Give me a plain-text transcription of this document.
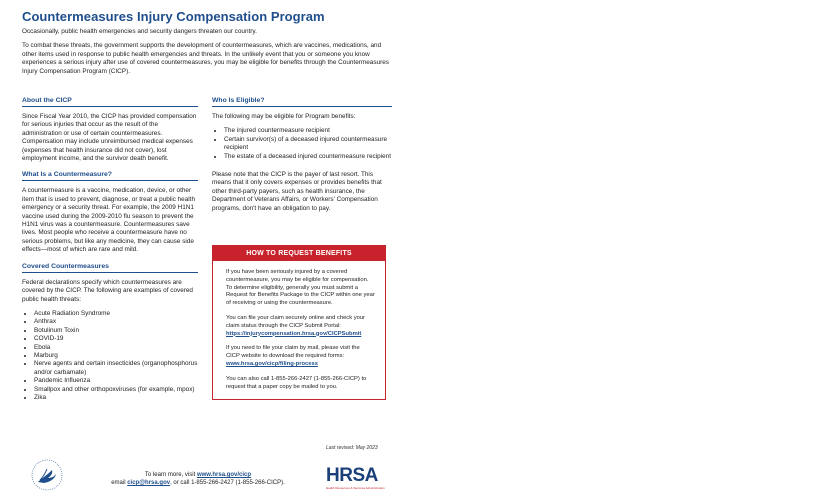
Countermeasures Injury Compensation Program

Occasionally, public health emergencies and security dangers threaten our country.

To combat these threats, the government supports the development of countermeasures, which are vaccines, medications, and other items used in response to public health emergencies and threats. In the unlikely event that you or someone you know experiences a serious injury after use of covered countermeasures, you may be eligible for benefits through the Countermeasures Injury Compensation Program (CICP).

About the CICP

Since Fiscal Year 2010, the CICP has provided compensation for serious injuries that occur as the result of the administration or use of certain countermeasures. Compensation may include unreimbursed medical expenses (expenses that health insurance did not cover), lost employment income, and the survivor death benefit.

What Is a Countermeasure?

A countermeasure is a vaccine, medication, device, or other item that is used to prevent, diagnose, or treat a public health emergency or a security threat. For example, the 2009 H1N1 vaccine used during the 2009-2010 flu season to prevent the H1N1 virus was a countermeasure. Countermeasures save lives. Most people who receive a countermeasure have no serious problems, but like any medicine, they can cause side effects—most of which are rare and mild.

Covered Countermeasures

Federal declarations specify which countermeasures are covered by the CICP. The following are examples of covered public health threats:

• Acute Radiation Syndrome
• Anthrax
• Botulinum Toxin
• COVID-19
• Ebola
• Marburg
• Nerve agents and certain insecticides (organophosphorus and/or carbamate)
• Pandemic Influenza
• Smallpox and other orthopoxviruses (for example, mpox)
• Zika
Who Is Eligible?

The following may be eligible for Program benefits:

• The injured countermeasure recipient
• Certain survivor(s) of a deceased injured countermeasure recipient
• The estate of a deceased injured countermeasure recipient

Please note that the CICP is the payer of last resort. This means that it only covers expenses or provides benefits that other third-party payers, such as health insurance, the Department of Veterans Affairs, or Workers' Compensation programs, don't have an obligation to pay.

HOW TO REQUEST BENEFITS

If you have been seriously injured by a covered countermeasure, you may be eligible for compensation. To determine eligibility, generally you must submit a Request for Benefits Package to the CICP within one year of receiving or using the countermeasure.

You can file your claim securely online and check your claim status through the CICP Submit Portal: https://injurycompensation.hrsa.gov/CICPSubmit

If you need to file your claim by mail, please visit the CICP website to download the required forms: www.hrsa.gov/cicp/filing-process

You can also call 1-855-266-2427 (1-855-266-CICP) to request that a paper copy be mailed to you.

Last revised: May 2023
To learn more, visit www.hrsa.gov/cicp
email cicp@hrsa.gov, or call 1-855-266-2427 (1-855-266-CICP).	HRSA
Health Resources & Services Administration
